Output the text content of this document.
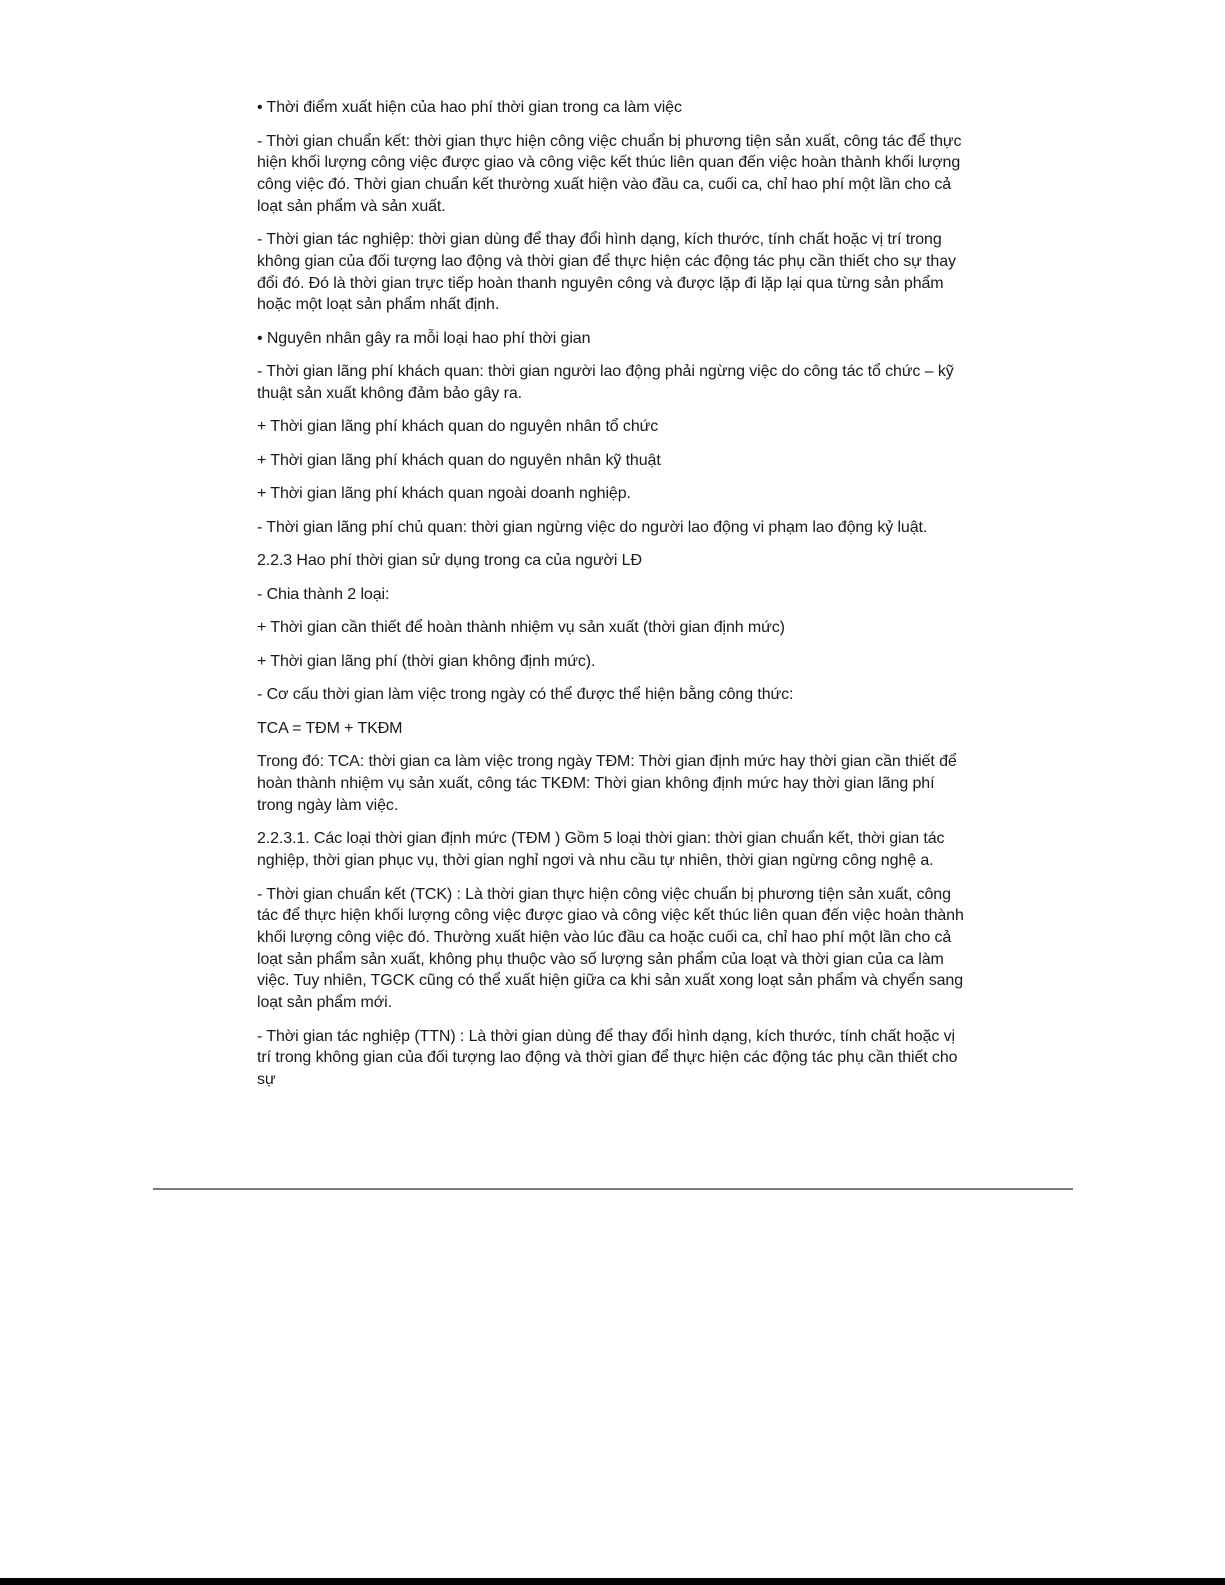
• Thời điểm xuất hiện của hao phí thời gian trong ca làm việc

- Thời gian chuẩn kết: thời gian thực hiện công việc chuẩn bị phương tiện sản xuất, công tác để thực hiện khối lượng công việc được giao và công việc kết thúc liên quan đến việc hoàn thành khối lượng công việc đó. Thời gian chuẩn kết thường xuất hiện vào đầu ca, cuối ca, chỉ hao phí một lần cho cả loạt sản phẩm và sản xuất.

- Thời gian tác nghiệp: thời gian dùng để thay đổi hình dạng, kích thước, tính chất hoặc vị trí trong không gian của đối tượng lao động và thời gian để thực hiện các động tác phụ cần thiết cho sự thay đổi đó. Đó là thời gian trực tiếp hoàn thanh nguyên công và được lặp đi lặp lại qua từng sản phẩm hoặc một loạt sản phẩm nhất định.

• Nguyên nhân gây ra mỗi loại hao phí thời gian

- Thời gian lãng phí khách quan: thời gian người lao động phải ngừng việc do công tác tổ chức – kỹ thuật sản xuất không đảm bảo gây ra.

+ Thời gian lãng phí khách quan do nguyên nhân tổ chức

+ Thời gian lãng phí khách quan do nguyên nhân kỹ thuật

+ Thời gian lãng phí khách quan ngoài doanh nghiệp.

- Thời gian lãng phí chủ quan: thời gian ngừng việc do người lao động vi phạm lao động kỷ luật.

2.2.3 Hao phí thời gian sử dụng trong ca của người LĐ

- Chia thành 2 loại:

+ Thời gian cần thiết để hoàn thành nhiệm vụ sản xuất (thời gian định mức)

+ Thời gian lãng phí (thời gian không định mức).

- Cơ cấu thời gian làm việc trong ngày có thể được thể hiện bằng công thức:

TCA = TĐM + TKĐM

Trong đó: TCA: thời gian ca làm việc trong ngày TĐM: Thời gian định mức hay thời gian cần thiết để hoàn thành nhiệm vụ sản xuất, công tác TKĐM: Thời gian không định mức hay thời gian lãng phí trong ngày làm việc.

2.2.3.1. Các loại thời gian định mức (TĐM ) Gồm 5 loại thời gian: thời gian chuẩn kết, thời gian tác nghiệp, thời gian phục vụ, thời gian nghỉ ngơi và nhu cầu tự nhiên, thời gian ngừng công nghệ a.

- Thời gian chuẩn kết (TCK) : Là thời gian thực hiện công việc chuẩn bị phương tiện sản xuất, công tác để thực hiện khối lượng công việc được giao và công việc kết thúc liên quan đến việc hoàn thành khối lượng công việc đó. Thường xuất hiện vào lúc đầu ca hoặc cuối ca, chỉ hao phí một lần cho cả loạt sản phẩm sản xuất, không phụ thuộc vào số lượng sản phẩm của loạt và thời gian của ca làm việc. Tuy nhiên, TGCK cũng có thể xuất hiện giữa ca khi sản xuất xong loạt sản phẩm và chyển sang loạt sản phẩm mới.

- Thời gian tác nghiệp (TTN) : Là thời gian dùng để thay đổi hình dạng, kích thước, tính chất hoặc vị trí trong không gian của đối tượng lao động và thời gian để thực hiện các động tác phụ cần thiết cho sự
